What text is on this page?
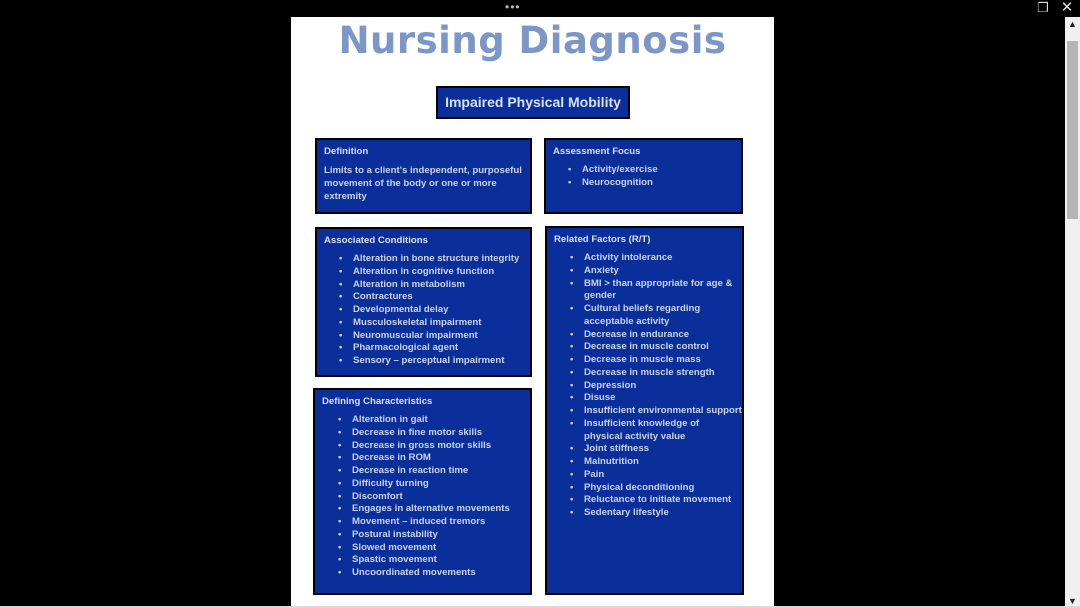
•••	❐ ✕
Nursing Diagnosis
Impaired Physical Mobility
Definition
Limits to a client's independent, purposeful movement of the body or one or more extremity
Assessment Focus
• Activity/exercise
• Neurocognition
Associated Conditions
• Alteration in bone structure integrity
• Alteration in cognitive function
• Alteration in metabolism
• Contractures
• Developmental delay
• Musculoskeletal impairment
• Neuromuscular impairment
• Pharmacological agent
• Sensory – perceptual impairment
Defining Characteristics
• Alteration in gait
• Decrease in fine motor skills
• Decrease in gross motor skills
• Decrease in ROM
• Decrease in reaction time
• Difficulty turning
• Discomfort
• Engages in alternative movements
• Movement – induced tremors
• Postural instability
• Slowed movement
• Spastic movement
• Uncoordinated movements
Related Factors (R/T)
• Activity intolerance
• Anxiety
• BMI > than appropriate for age & gender
• Cultural beliefs regarding acceptable activity
• Decrease in endurance
• Decrease in muscle control
• Decrease in muscle mass
• Decrease in muscle strength
• Depression
• Disuse
• Insufficient environmental support
• Insufficient knowledge of physical activity value
• Joint stiffness
• Malnutrition
• Pain
• Physical deconditioning
• Reluctance to initiate movement
• Sedentary lifestyle
▲
▼
